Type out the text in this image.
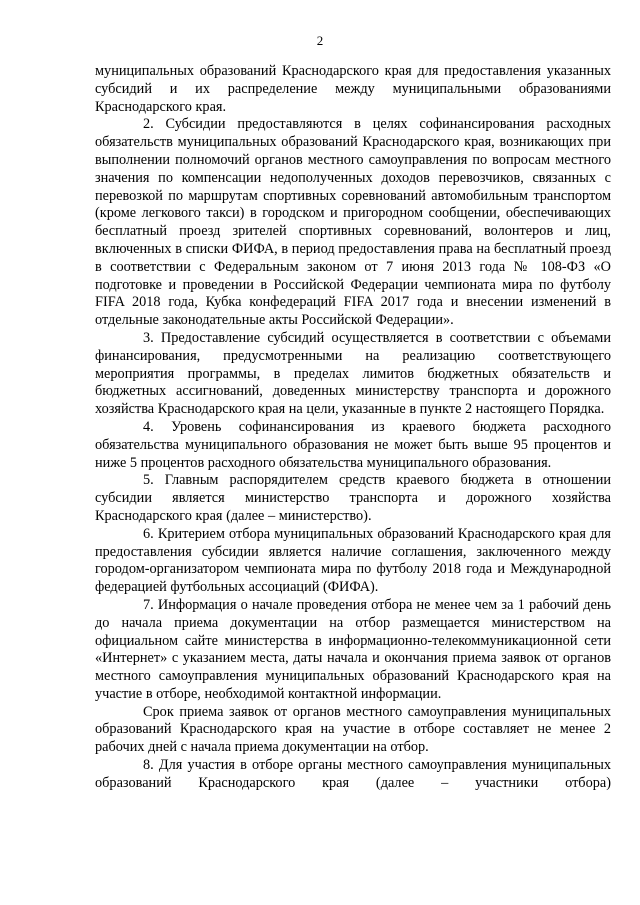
2

муниципальных образований Краснодарского края для предоставления указанных субсидий и их распределение между муниципальными образованиями Краснодарского края.

2. Субсидии предоставляются в целях софинансирования расходных обязательств муниципальных образований Краснодарского края, возникающих при выполнении полномочий органов местного самоуправления по вопросам местного значения по компенсации недополученных доходов перевозчиков, связанных с перевозкой по маршрутам спортивных соревнований автомобильным транспортом (кроме легкового такси) в городском и пригородном сообщении, обеспечивающих бесплатный проезд зрителей спортивных соревнований, волонтеров и лиц, включенных в списки ФИФА, в период предоставления права на бесплатный проезд в соответствии с Федеральным законом от 7 июня 2013 года № 108-ФЗ «О подготовке и проведении в Российской Федерации чемпионата мира по футболу FIFA 2018 года, Кубка конфедераций FIFA 2017 года и внесении изменений в отдельные законодательные акты Российской Федерации».

3. Предоставление субсидий осуществляется в соответствии с объемами финансирования, предусмотренными на реализацию соответствующего мероприятия программы, в пределах лимитов бюджетных обязательств и бюджетных ассигнований, доведенных министерству транспорта и дорожного хозяйства Краснодарского края на цели, указанные в пункте 2 настоящего Порядка.

4. Уровень софинансирования из краевого бюджета расходного обязательства муниципального образования не может быть выше 95 процентов и ниже 5 процентов расходного обязательства муниципального образования.

5. Главным распорядителем средств краевого бюджета в отношении субсидии является министерство транспорта и дорожного хозяйства Краснодарского края (далее – министерство).

6. Критерием отбора муниципальных образований Краснодарского края для предоставления субсидии является наличие соглашения, заключенного между городом-организатором чемпионата мира по футболу 2018 года и Международной федерацией футбольных ассоциаций (ФИФА).

7. Информация о начале проведения отбора не менее чем за 1 рабочий день до начала приема документации на отбор размещается министерством на официальном сайте министерства в информационно-телекоммуникационной сети «Интернет» с указанием места, даты начала и окончания приема заявок от органов местного самоуправления муниципальных образований Краснодарского края на участие в отборе, необходимой контактной информации.

Срок приема заявок от органов местного самоуправления муниципальных образований Краснодарского края на участие в отборе составляет не менее 2 рабочих дней с начала приема документации на отбор.

8. Для участия в отборе органы местного самоуправления муниципальных образований Краснодарского края (далее – участники отбора)
